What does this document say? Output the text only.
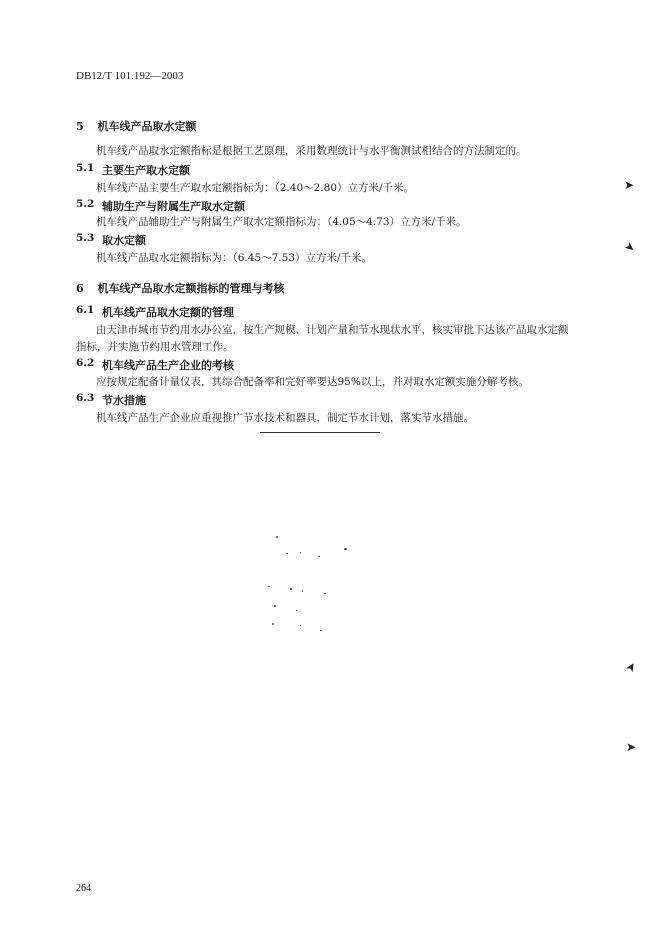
DB12/T 101.192—2003
5 机车线产品取水定额
机车线产品取水定额指标是根据工艺原理，采用数理统计与水平衡测试相结合的方法制定的。
5.1 主要生产取水定额
机车线产品主要生产取水定额指标为：（2.40～2.80）立方米/千米。
5.2 辅助生产与附属生产取水定额
机车线产品辅助生产与附属生产取水定额指标为：（4.05～4.73）立方米/千米。
5.3 取水定额
机车线产品取水定额指标为：（6.45～7.53）立方米/千米。
6 机车线产品取水定额指标的管理与考核
6.1 机车线产品取水定额的管理
由天津市城市节约用水办公室，按生产规模、计划产量和节水现状水平，核实审批下达该产品取水定额
指标，并实施节约用水管理工作。
6.2 机车线产品生产企业的考核
应按规定配备计量仪表，其综合配备率和完好率要达95%以上，并对取水定额实施分解考核。
6.3 节水措施
机车线产品生产企业应重视推广节水技术和器具，制定节水计划，落实节水措施。
➤
➤
➤
➤
264
